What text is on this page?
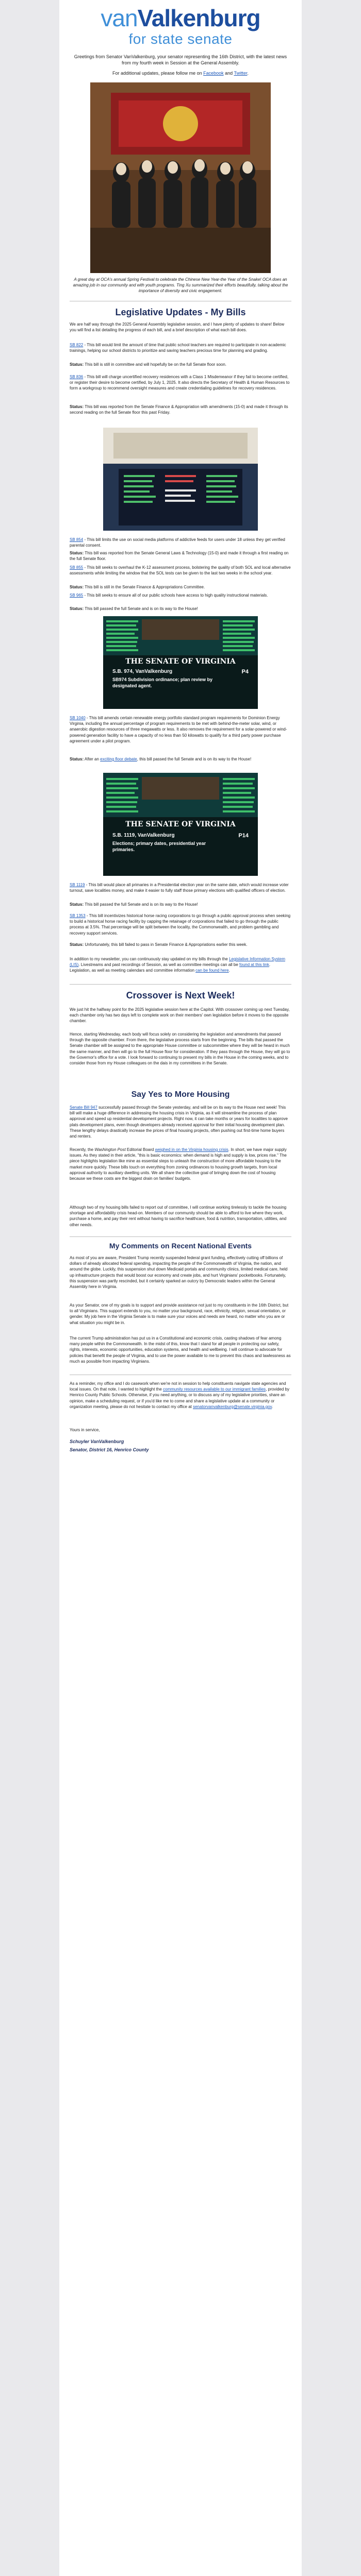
vanValkenburg
for state senate

Greetings from Senator VanValkenburg, your senator representing the 16th District, with the latest news from my fourth week in Session at the General Assembly.

For additional updates, please follow me on Facebook and Twitter.

A great day at OCA's annual Spring Festival to celebrate the Chinese New Year-the Year of the Snake! OCA does an amazing job in our community and with youth programs. Ting Xu summarized their efforts beautifully, talking about the importance of diversity and civic engagement.
Legislative Updates - My Bills
We are half way through the 2025 General Assembly legislative session, and I have plenty of updates to share! Below you will find a list detailing the progress of each bill, and a brief description of what each bill does.
SB 822 - This bill would limit the amount of time that public school teachers are required to participate in non-academic trainings, helping our school districts to prioritize and saving teachers precious time for planning and grading.
Status: This bill is still in committee and will hopefully be on the full Senate floor soon.
SB 836 - This bill will charge uncertified recovery residences with a Class 1 Misdemeanor if they fail to become certified, or register their desire to become certified, by July 1, 2025. It also directs the Secretary of Health & Human Resources to form a workgroup to recommend oversight measures and create credentialing guidelines for recovery residences.
Status: This bill was reported from the Senate Finance & Appropriation with amendments (15-0) and made it through its second reading on the full Senate floor this past Friday.
SB 854 - This bill limits the use on social media platforms of addictive feeds for users under 18 unless they get verified parental consent.
Status: This bill was reported from the Senate General Laws & Technology (15-0) and made it through a first reading on the full Senate floor.
SB 855 - This bill seeks to overhaul the K-12 assessment process, bolstering the quality of both SOL and local alternative assessments while limiting the window that the SOL tests can be given to the last two weeks in the school year.
Status: This bill is still in the Senate Finance & Appropriations Committee.
SB 965 - This bill seeks to ensure all of our public schools have access to high quality instructional materials.
Status: This bill passed the full Senate and is on its way to the House!
THE SENATE OF VIRGINIA
S.B. 974, VanValkenburg	P4
SB974 Subdivision ordinance; plan review by designated agent.
SB 1040 - This bill amends certain renewable energy portfolio standard program requirements for Dominion Energy Virginia, including the annual percentage of program requirements to be met with behind-the-meter solar, wind, or anaerobic digestion resources of three megawatts or less. It also removes the requirement for a solar-powered or wind-powered generation facility to have a capacity of no less than 50 kilowatts to qualify for a third party power purchase agreement under a pilot program.
Status: After an exciting floor debate, this bill passed the full Senate and is on its way to the House!
THE SENATE OF VIRGINIA
S.B. 1119, VanValkenburg	P14
Elections; primary dates, presidential year primaries.
SB 1119 - This bill would place all primaries in a Presidential election year on the same date, which would increase voter turnout, save localities money, and make it easier to fully staff those primary elections with qualified officers of election.
Status: This bill passed the full Senate and is on its way to the House!
SB 1353 - This bill incentivizes historical horse racing corporations to go through a public approval process when seeking to build a historical horse racing facility by capping the retainage of corporations that failed to go through the public process at 3.5%. That percentage will be split between the locality, the Commonwealth, and problem gambling and recovery support services.
Status: Unfortunately, this bill failed to pass in Senate Finance & Appropriations earlier this week.
In addition to my newsletter, you can continuously stay updated on my bills through the Legislative Information System (LIS). Livestreams and past recordings of Session, as well as committee meetings can all be found at this link. Legislation, as well as meeting calendars and committee information can be found here.
Crossover is Next Week!
We just hit the halfway point for the 2025 legislative session here at the Capitol. With crossover coming up next Tuesday, each chamber only has two days left to complete work on their members' own legislation before it moves to the opposite chamber.
Hence, starting Wednesday, each body will focus solely on considering the legislation and amendments that passed through the opposite chamber. From there, the legislative process starts from the beginning. The bills that passed the Senate chamber will be assigned to the appropriate House committee or subcommittee where they will be heard in much the same manner, and then will go to the full House floor for consideration. If they pass through the House, they will go to the Governor's office for a vote. I look forward to continuing to present my bills in the House in the coming weeks, and to consider those from my House colleagues on the dais in my committees in the Senate.
Say Yes to More Housing
Senate Bill 947 successfully passed through the Senate yesterday, and will be on its way to the House next week! This bill will make a huge difference in addressing the housing crisis in Virginia, as it will streamline the process of plan approval and speed up residential development projects. Right now, it can take months or years for localities to approve plats development plans, even though developers already received approval for their initial housing development plan. These lengthy delays drastically increase the prices of final housing projects, often pushing out first-time home buyers and renters.
Recently, the Washington Post Editorial Board weighed in on the Virginia housing crisis. In short, we have major supply issues. As they stated in their article, "this is basic economics: when demand is high and supply is low, prices rise." The piece highlights legislation like mine as essential steps to unleash the construction of more affordable housing to the market more quickly. These bills touch on everything from zoning ordinances to housing growth targets, from local approval authority to auxiliary dwelling units. We all share the collective goal of bringing down the cost of housing because we these costs are the biggest drain on families' budgets.
Although two of my housing bills failed to report out of committee, I will continue working tirelessly to tackle the housing shortage and affordability crisis head-on. Members of our community should be able to afford to live where they work, purchase a home, and pay their rent without having to sacrifice healthcare, food & nutrition, transportation, utilities, and other needs.
My Comments on Recent National Events
As most of you are aware, President Trump recently suspended federal grant funding, effectively cutting off billions of dollars of already allocated federal spending, impacting the people of the Commonwealth of Virginia, the nation, and around the globe. Luckily, this suspension shut down Medicaid portals and community clinics, limited medical care, held up infrastructure projects that would boost our economy and create jobs, and hurt Virginians' pocketbooks. Fortunately, this suspension was partly rescinded, but it certainly sparked an outcry by Democratic leaders within the General Assembly here in Virginia.
As your Senator, one of my goals is to support and provide assistance not just to my constituents in the 16th District, but to all Virginians. This support extends to you, no matter your background, race, ethnicity, religion, sexual orientation, or gender. My job here in the Virginia Senate is to make sure your voices and needs are heard, no matter who you are or what situation you might be in.
The current Trump administration has put us in a Constitutional and economic crisis, casting shadows of fear among many people within the Commonwealth. In the midst of this, know that I stand for all people in protecting our safety, rights, interests, economic opportunities, education systems, and health and wellbeing. I will continue to advocate for policies that benefit the people of Virginia, and to use the power available to me to prevent this chaos and lawlessness as much as possible from impacting Virginians.
As a reminder, my office and I do casework when we're not in session to help constituents navigate state agencies and local issues. On that note, I wanted to highlight the community resources available to our immigrant families, provided by Henrico County Public Schools. Otherwise, if you need anything, or to discuss any of my legislative priorities, share an opinion, make a scheduling request, or if you'd like me to come and share a legislative update at a community or organization meeting, please do not hesitate to contact my office at senatorvanvalkenburg@senate.virginia.gov.
Yours in service,
Schuyler VanValkenburg
Senator, District 16, Henrico County
